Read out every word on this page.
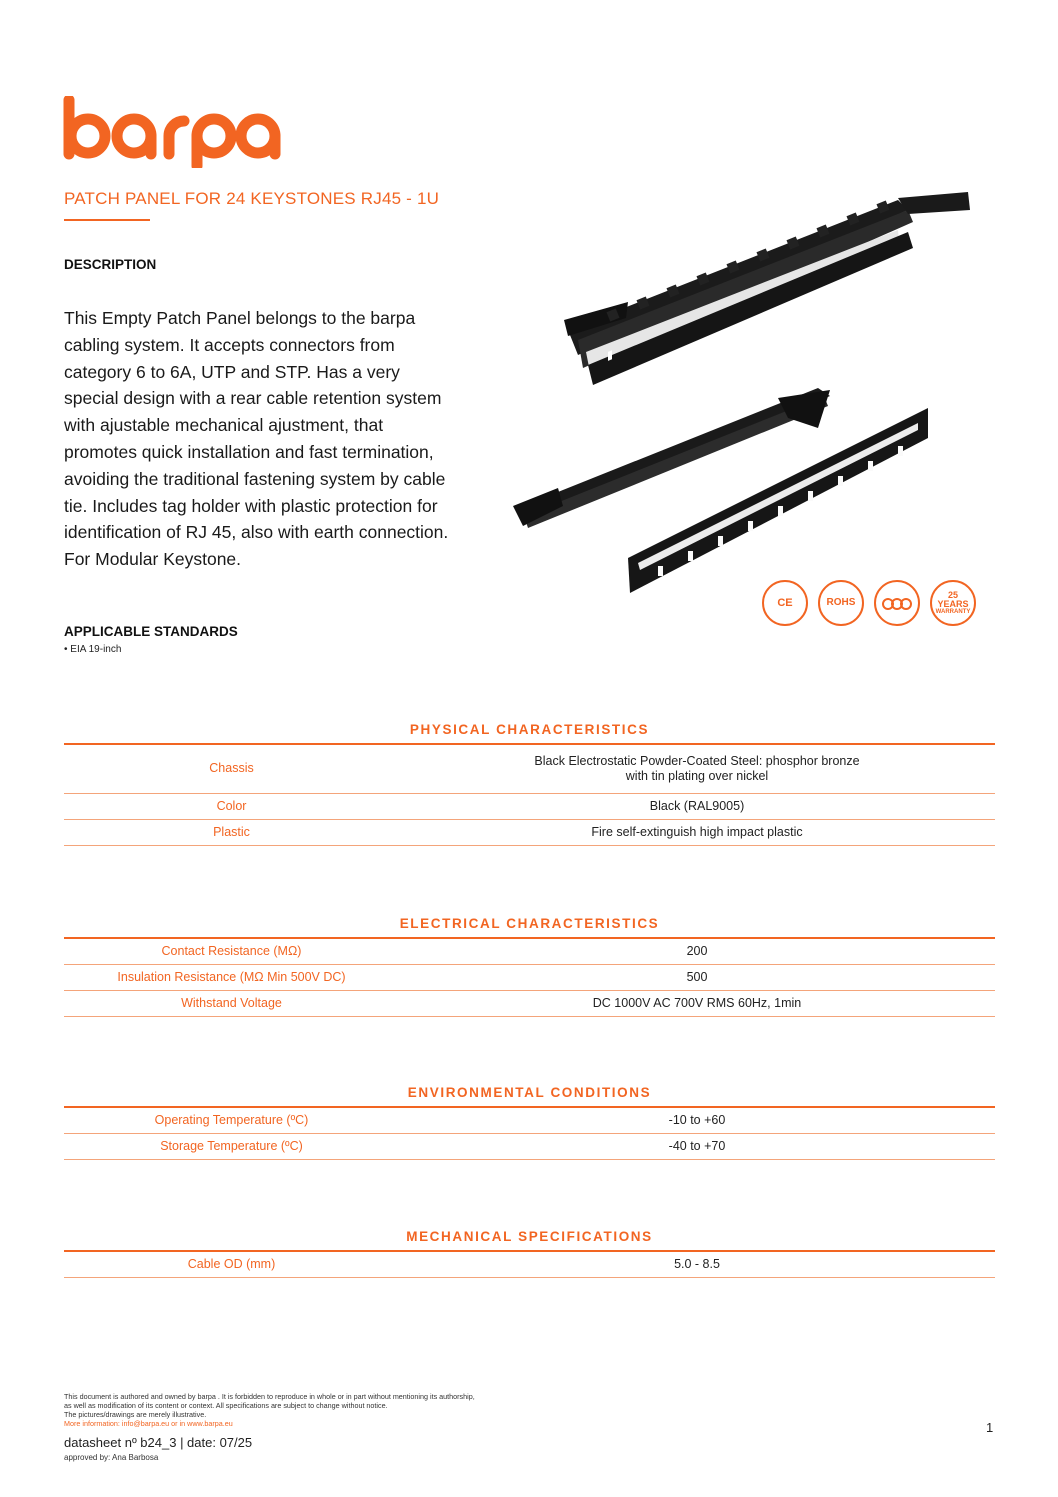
PATCH PANEL FOR 24 KEYSTONES RJ45 - 1U
DESCRIPTION

This Empty Patch Panel belongs to the barpa cabling system. It accepts connectors from category 6 to 6A, UTP and STP. Has a very special design with a rear cable retention system with ajustable mechanical ajustment, that promotes quick installation and fast termination, avoiding the traditional fastening system by cable tie. Includes tag holder with plastic protection for identification of RJ 45, also with earth connection. For Modular Keystone.

APPLICABLE STANDARDS
• EIA 19-inch
CE	ROHS
25
YEARS
WARRANTY
PHYSICAL CHARACTERISTICS
Chassis	Black Electrostatic Powder-Coated Steel: phosphor bronze
with tin plating over nickel

Color	Black (RAL9005)
Plastic	Fire self-extinguish high impact plastic
ELECTRICAL CHARACTERISTICS
Contact Resistance (MΩ)	200
Insulation Resistance (MΩ Min 500V DC)	500
Withstand Voltage	DC 1000V AC 700V RMS 60Hz, 1min
ENVIRONMENTAL CONDITIONS
Operating Temperature (ºC)	-10 to +60
Storage Temperature (ºC)	-40 to +70
MECHANICAL SPECIFICATIONS
Cable OD (mm)	5.0 - 8.5
This document is authored and owned by barpa . It is forbidden to reproduce in whole or in part without mentioning its authorship,
as well as modification of its content or context. All specifications are subject to change without notice.
The pictures/drawings are merely illustrative.
More information: info@barpa.eu or in www.barpa.eu
datasheet nº b24_3 | date: 07/25
approved by: Ana Barbosa
1
